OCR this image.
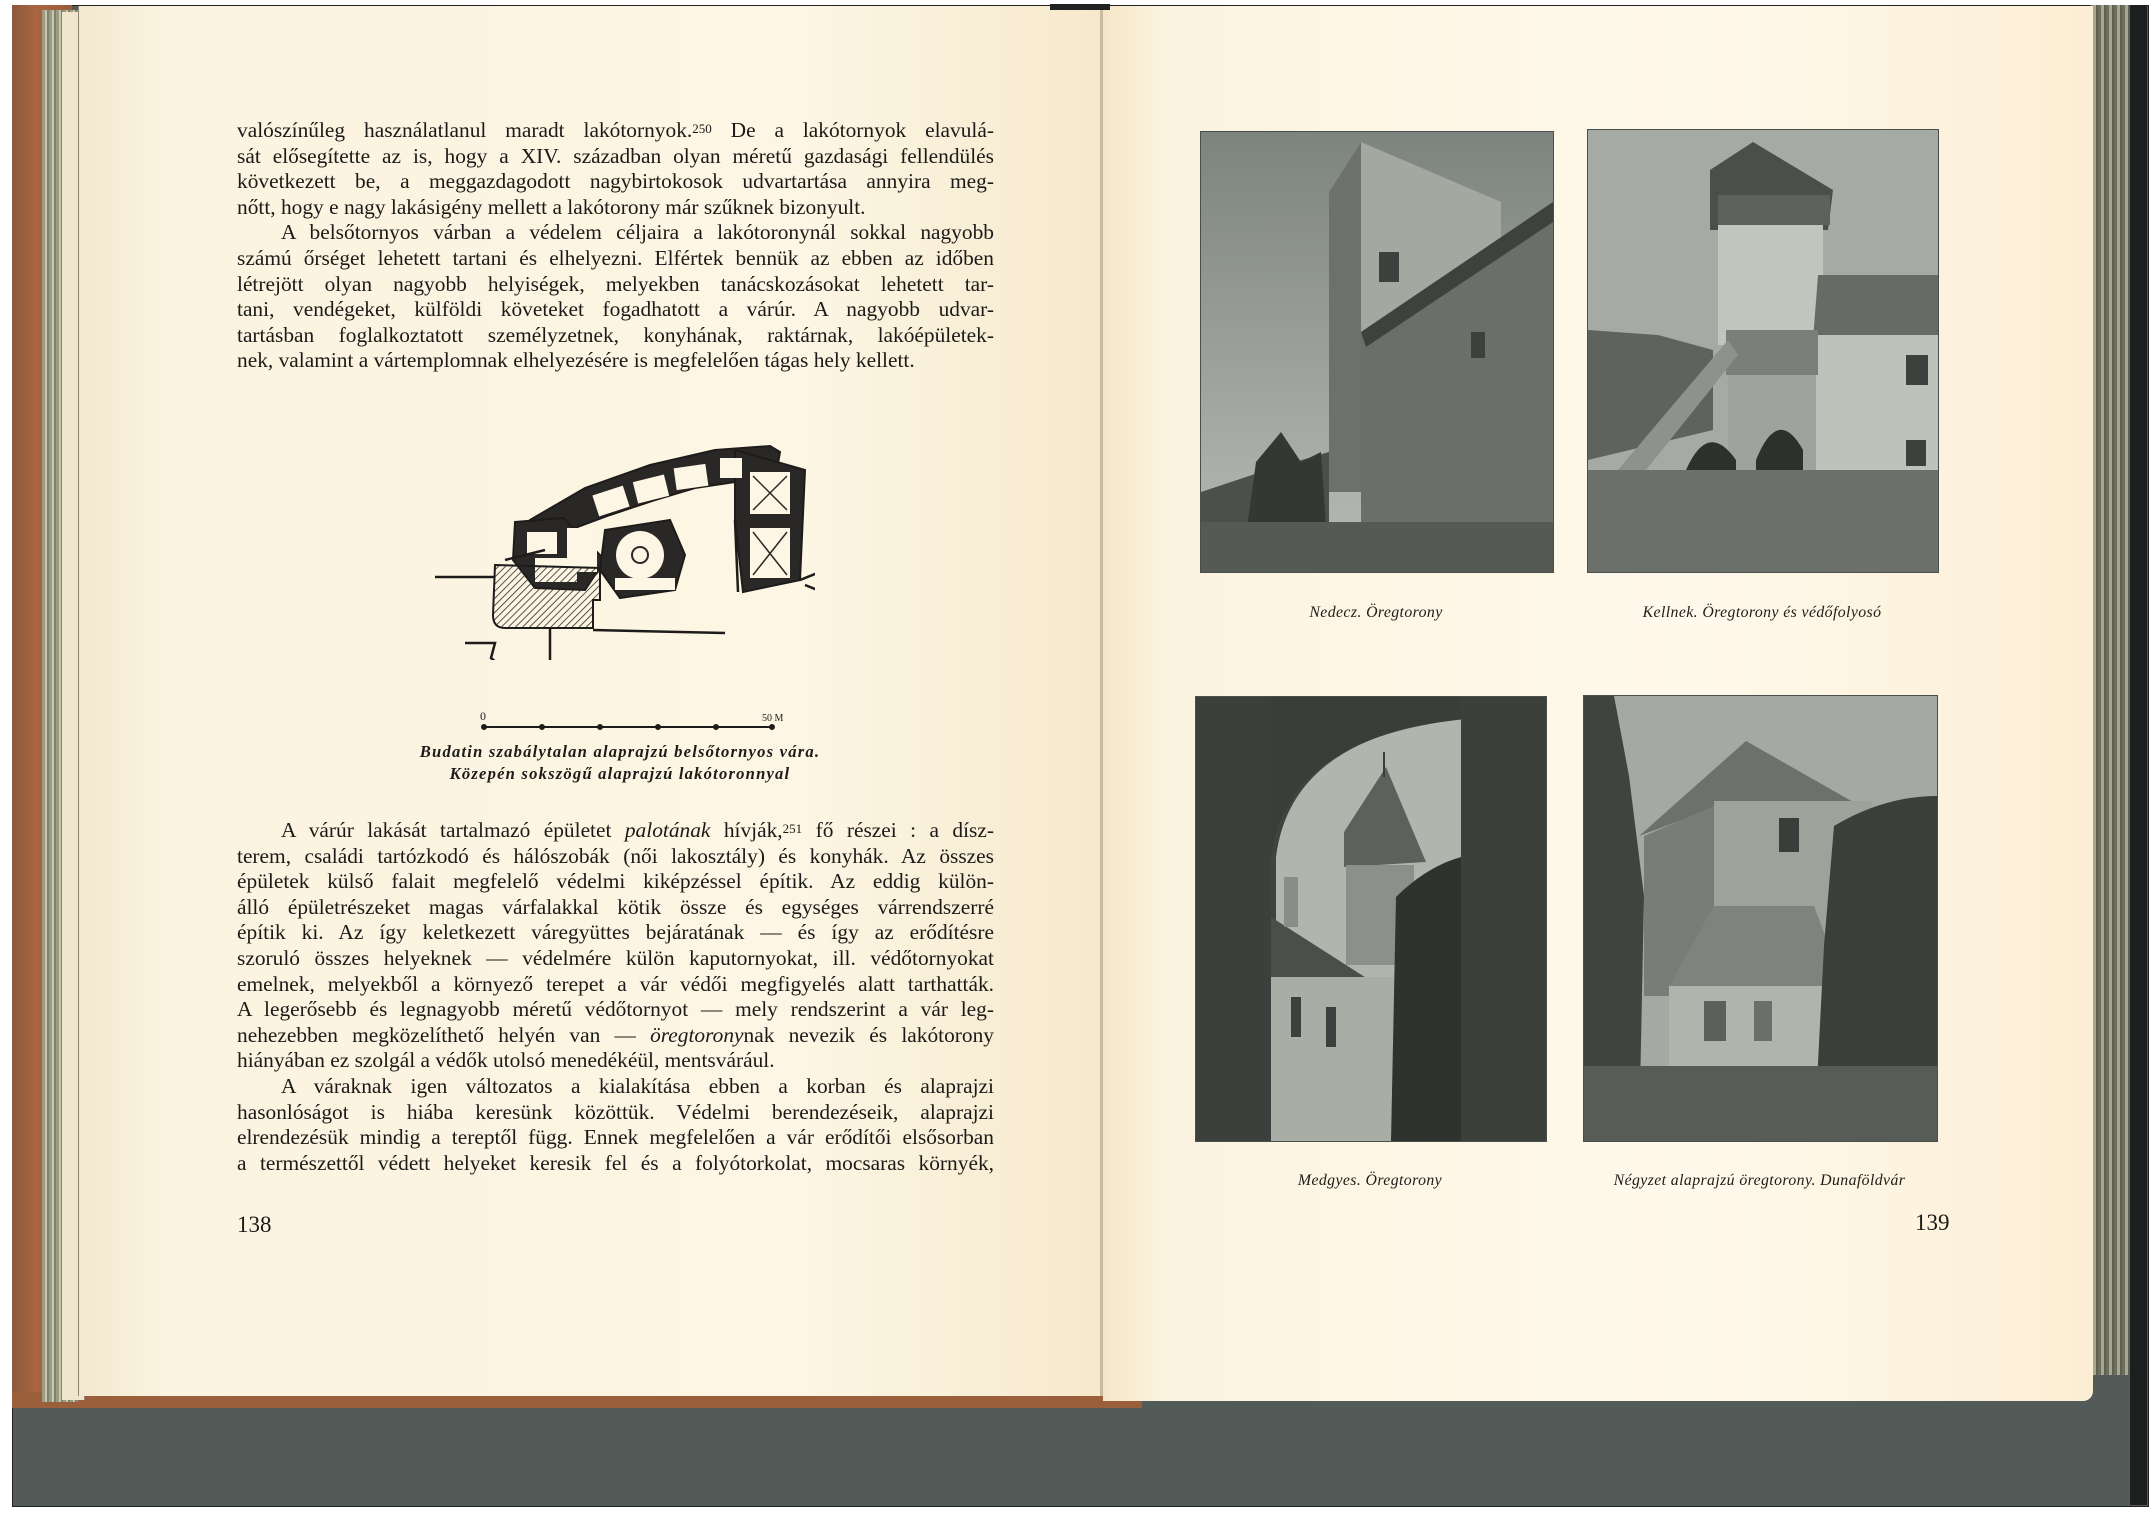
valószínűleg használatlanul maradt lakótornyok.$^{250}$ De a lakótornyok elavulá-
sát elősegítette az is, hogy a XIV. században olyan méretű gazdasági fellendülés
következett be, a meggazdagodott nagybirtokosok udvartartása annyira meg-
nőtt, hogy e nagy lakásigény mellett a lakótorony már szűknek bizonyult.
A belsőtornyos várban a védelem céljaira a lakótoronynál sokkal nagyobb
számú őrséget lehetett tartani és elhelyezni. Elfértek bennük az ebben az időben
létrejött olyan nagyobb helyiségek, melyekben tanácskozásokat lehetett tar-
tani, vendégeket, külföldi követeket fogadhatott a várúr. A nagyobb udvar-
tartásban foglalkoztatott személyzetnek, konyhának, raktárnak, lakóépületek-
nek, valamint a vártemplomnak elhelyezésére is megfelelően tágas hely kellett.
0	50 M
Budatin szabálytalan alaprajzú belsőtornyos vára.
Közepén sokszögű alaprajzú lakótoronnyal
A várúr lakását tartalmazó épületet palotának hívják,$^{251}$ fő részei : a dísz-
terem, családi tartózkodó és hálószobák (női lakosztály) és konyhák. Az összes
épületek külső falait megfelelő védelmi kiképzéssel építik. Az eddig külön-
álló épületrészeket magas várfalakkal kötik össze és egységes várrendszerré
építik ki. Az így keletkezett váregyüttes bejáratának — és így az erődítésre
szoruló összes helyeknek — védelmére külön kaputornyokat, ill. védőtornyokat
emelnek, melyekből a környező terepet a vár védői megfigyelés alatt tarthatták.
A legerősebb és legnagyobb méretű védőtornyot — mely rendszerint a vár leg-
nehezebben megközelíthető helyén van — öregtoronynak nevezik és lakótorony
hiányában ez szolgál a védők utolsó menedékéül, mentsvárául.
A váraknak igen változatos a kialakítása ebben a korban és alaprajzi
hasonlóságot is hiába keresünk közöttük. Védelmi berendezéseik, alaprajzi
elrendezésük mindig a tereptől függ. Ennek megfelelően a vár erődítői elsősorban
a természettől védett helyeket keresik fel és a folyótorkolat, mocsaras környék,
138
Nedecz. Öregtorony	Kellnek. Öregtorony és védőfolyosó
Medgyes. Öregtorony	Négyzet alaprajzú öregtorony. Dunaföldvár
139
